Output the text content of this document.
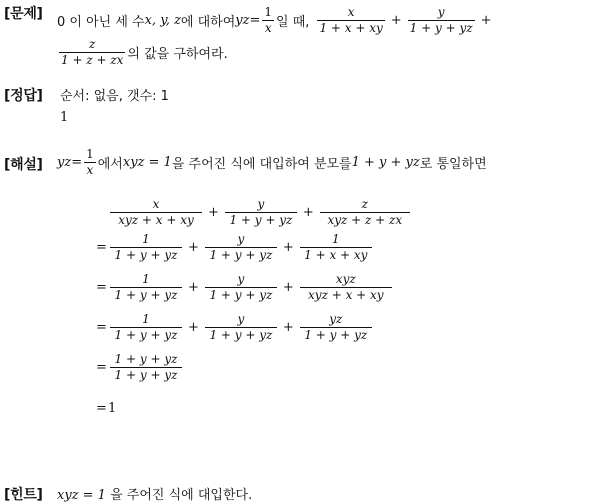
[문제] 0 이 아닌 세 수 x, y, z 에 대하여 yz = $\frac{1}{x}$ 일 때, $\frac{x}{1 + x + xy} + \frac{y}{1 + y + yz}$ +
$\frac{z}{1 + z + zx}$ 의 값을 구하여라.
[정답] 순서: 없음, 갯수: 1
1
[해설] yz = $\frac{1}{x}$ 에서 xyz = 1 을 주어진 식에 대입하여 분모를 1 + y + yz 로 통일하면
$\frac{x}{\text{xyz + x + xy}} + \frac{y}{1 + y + yz} + \frac{z}{\text{xyz + z + zx}}$
= $\frac{1}{1 + y + yz} + \frac{y}{1 + y + yz} + \frac{1}{1 + x + xy}$
= $\frac{1}{1 + y + yz} + \frac{y}{1 + y + yz} + \frac{\text{xyz}}{\text{xyz + x + xy}}$
= $\frac{1}{1 + y + yz} + \frac{y}{1 + y + yz} + \frac{yz}{1 + y + yz}$
= $\frac{1 + y + yz}{1 + y + yz}$
= 1
[힌트] xyz = 1 을 주어진 식에 대입한다.
